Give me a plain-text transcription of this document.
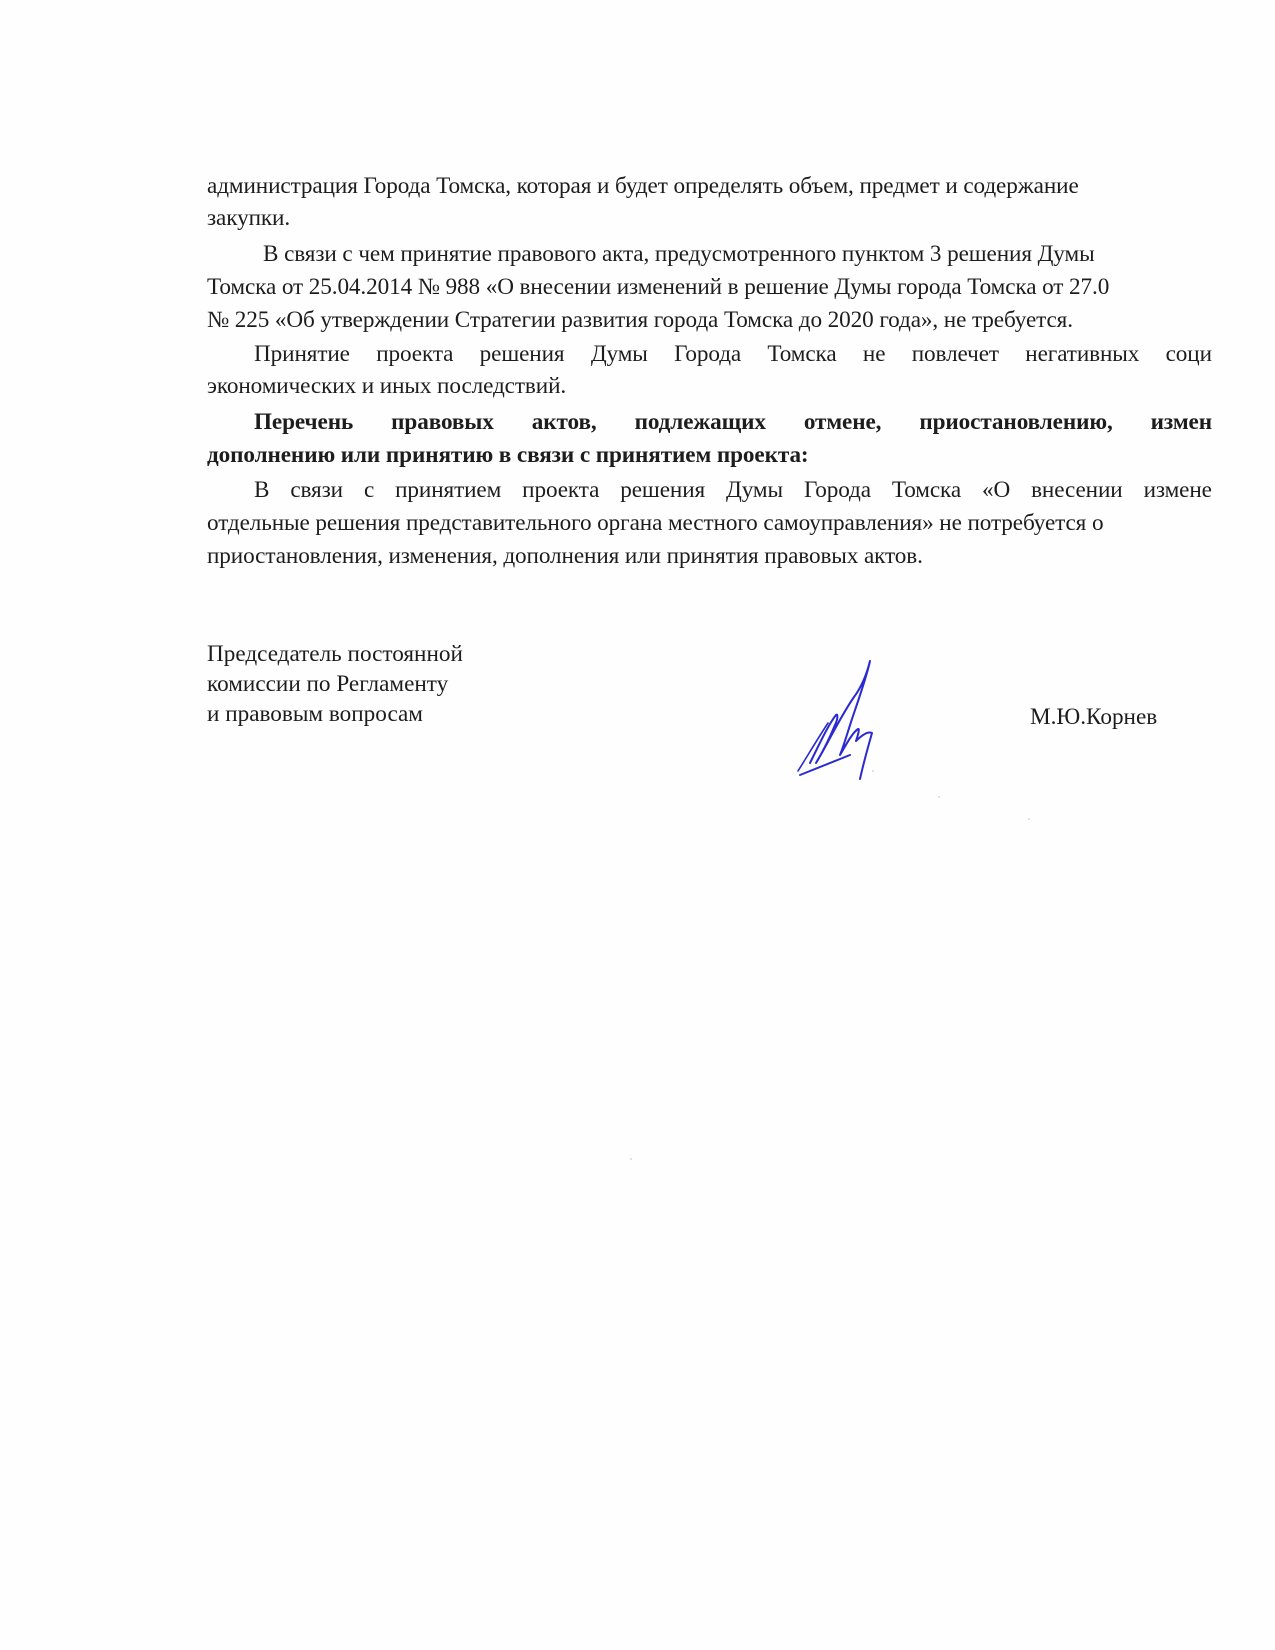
администрация Города Томска, которая и будет определять объем, предмет и содержание
закупки.
В связи с чем принятие правового акта, предусмотренного пунктом 3 решения Думы
Томска от 25.04.2014 № 988 «О внесении изменений в решение Думы города Томска от 27.0
№ 225 «Об утверждении Стратегии развития города Томска до 2020 года», не требуется.
Принятие проекта решения Думы Города Томска не повлечет негативных соци
экономических и иных последствий.
Перечень правовых актов, подлежащих отмене, приостановлению, измен
дополнению или принятию в связи с принятием проекта:
В связи с принятием проекта решения Думы Города Томска «О внесении измене
отдельные решения представительного органа местного самоуправления» не потребуется о
приостановления, изменения, дополнения или принятия правовых актов.
Председатель постоянной
комиссии по Регламенту
и правовым вопросам	М.Ю.Корнев
